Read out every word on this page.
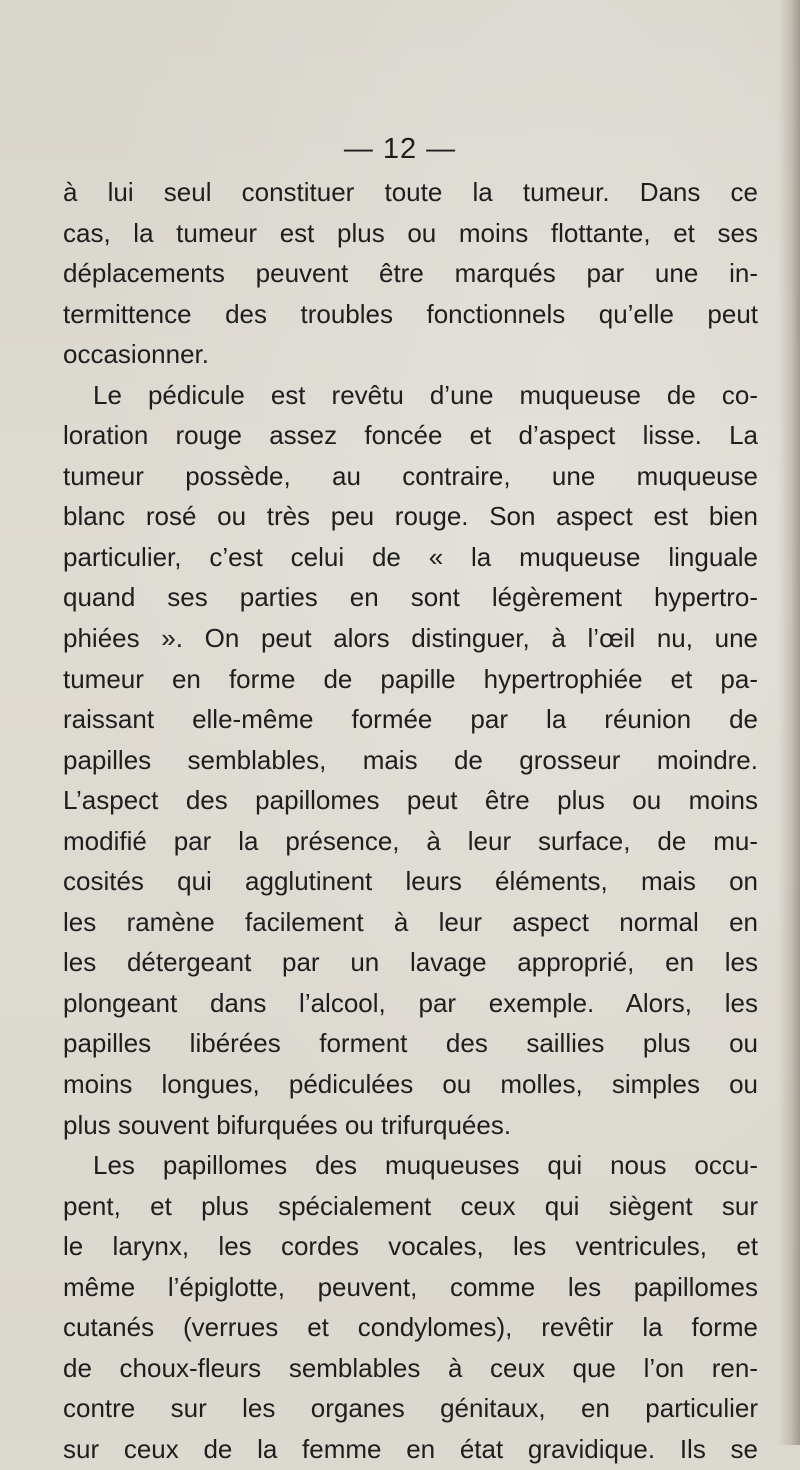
— 12 —
à lui seul constituer toute la tumeur. Dans ce
cas, la tumeur est plus ou moins flottante, et ses
déplacements peuvent être marqués par une in-
termittence des troubles fonctionnels qu’elle peut
occasionner.
Le pédicule est revêtu d’une muqueuse de co-
loration rouge assez foncée et d’aspect lisse. La
tumeur possède, au contraire, une muqueuse
blanc rosé ou très peu rouge. Son aspect est bien
particulier, c’est celui de « la muqueuse linguale
quand ses parties en sont légèrement hypertro-
phiées ». On peut alors distinguer, à l’œil nu, une
tumeur en forme de papille hypertrophiée et pa-
raissant elle-même formée par la réunion de
papilles semblables, mais de grosseur moindre.
L’aspect des papillomes peut être plus ou moins
modifié par la présence, à leur surface, de mu-
cosités qui agglutinent leurs éléments, mais on
les ramène facilement à leur aspect normal en
les détergeant par un lavage approprié, en les
plongeant dans l’alcool, par exemple. Alors, les
papilles libérées forment des saillies plus ou
moins longues, pédiculées ou molles, simples ou
plus souvent bifurquées ou trifurquées.
Les papillomes des muqueuses qui nous occu-
pent, et plus spécialement ceux qui siègent sur
le larynx, les cordes vocales, les ventricules, et
même l’épiglotte, peuvent, comme les papillomes
cutanés (verrues et condylomes), revêtir la forme
de choux-fleurs semblables à ceux que l’on ren-
contre sur les organes génitaux, en particulier
sur ceux de la femme en état gravidique. Ils se
